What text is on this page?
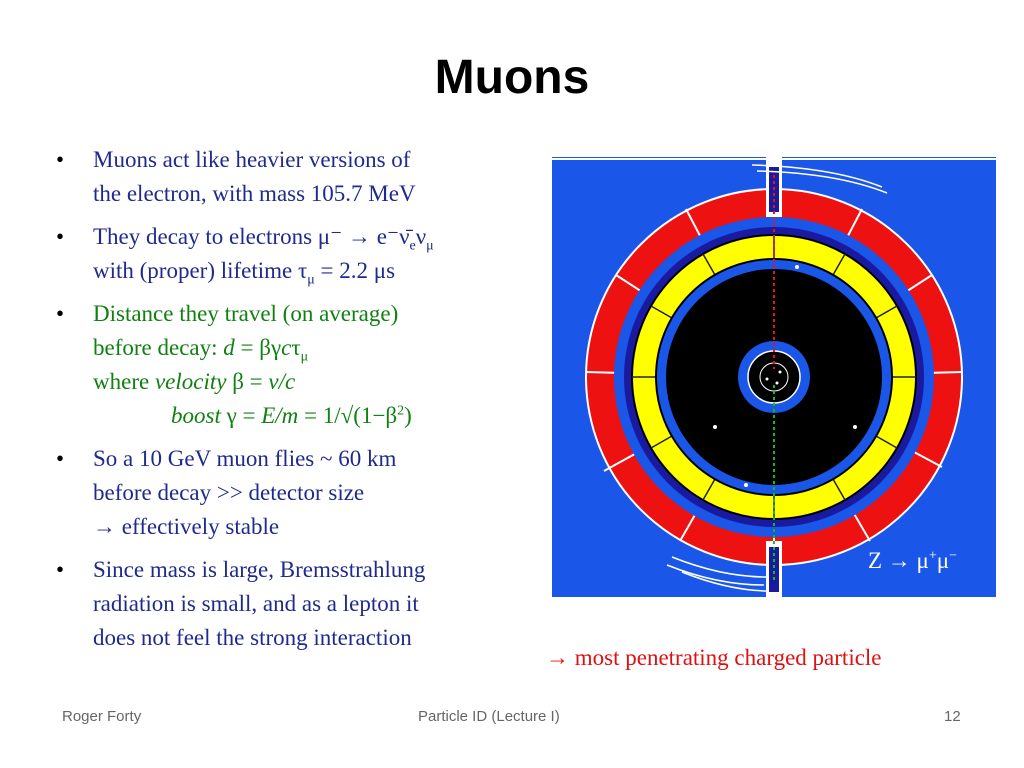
Muons
• Muons act like heavier versions of
the electron, with mass 105.7 MeV
• They decay to electrons $\mu^- \to e^-\nū_e\nu_\mu$
with (proper) lifetime $\tau_\mu = 2.2$ μs
• Distance they travel (on average)
before decay: d = βγcτ$_\mu$
where velocity β = v/c
boost $\gamma = E/m = 1/√(1-\beta^2)$
• So a 10 GeV muon flies ~ 60 km
before decay >> detector size
→ effectively stable
• Since mass is large, Bremsstrahlung
radiation is small, and as a lepton it
does not feel the strong interaction
Z → μ+μ−
→ most penetrating charged particle
Roger Forty	Particle ID (Lecture I)	12
